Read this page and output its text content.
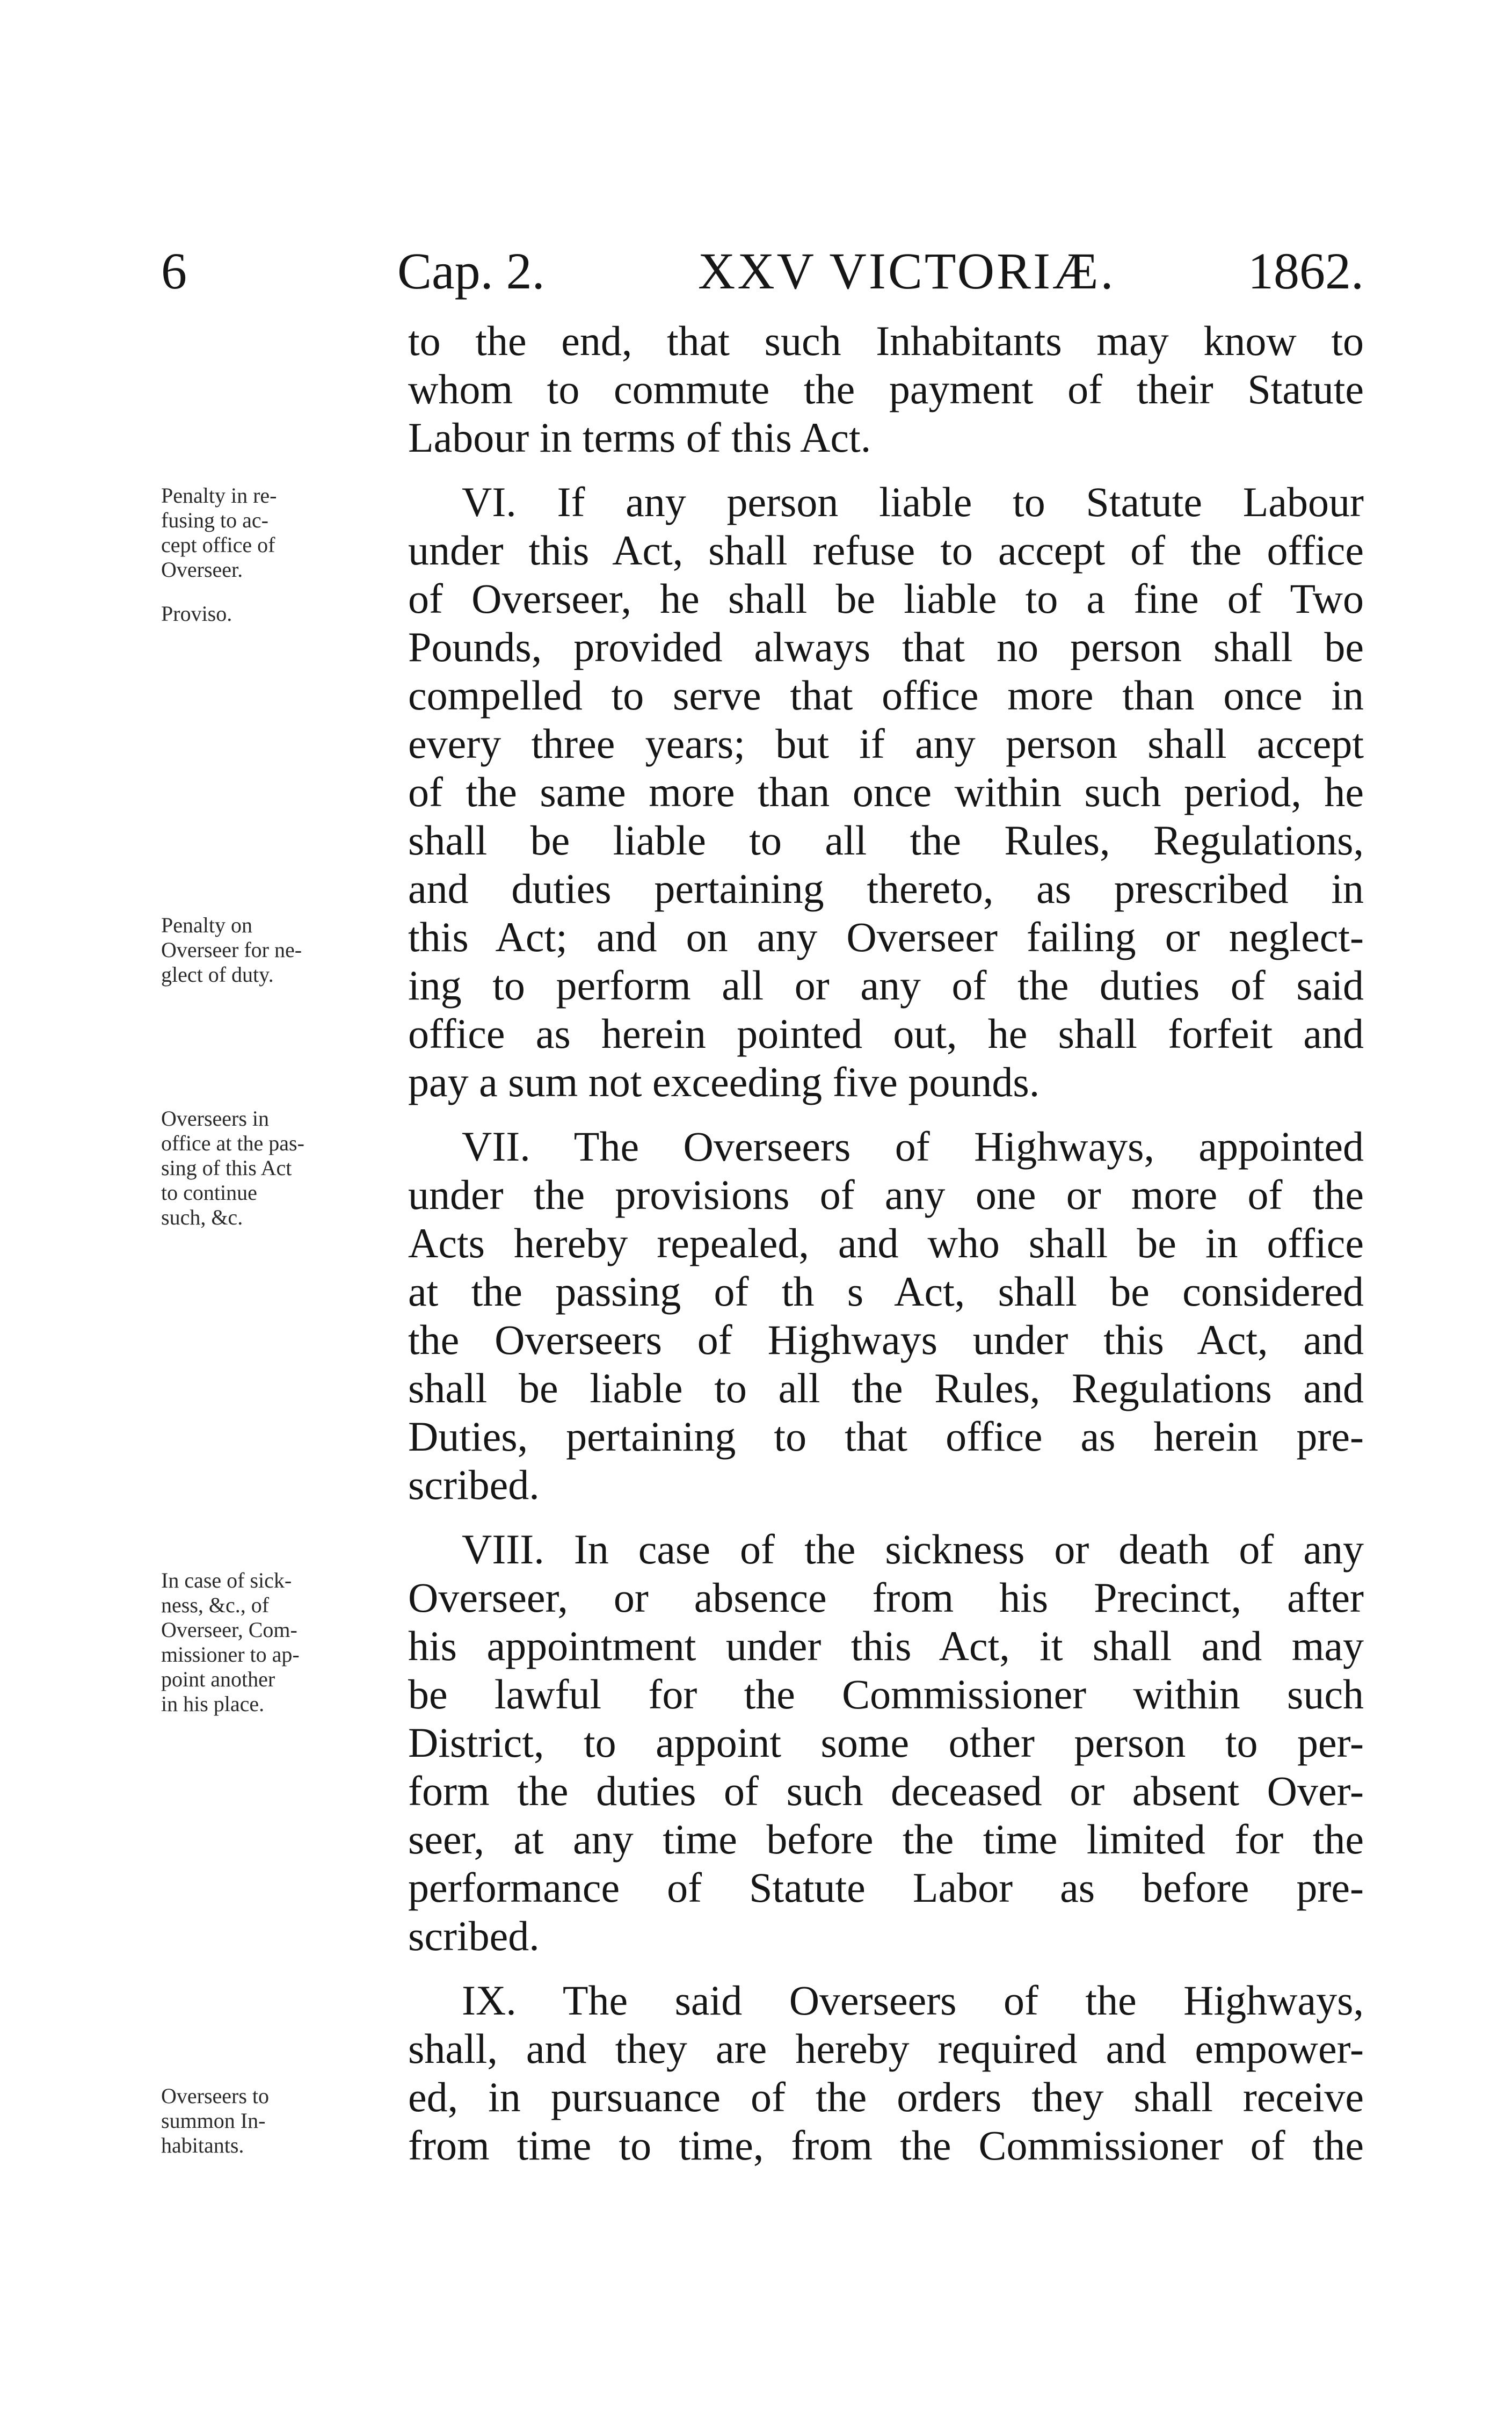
6	Cap. 2.	XXV VICTORIÆ.	1862.
Penalty in re-
fusing to ac-
cept office of
Overseer.
Proviso.
Penalty on
Overseer for ne-
glect of duty.
Overseers in
office at the pas-
sing of this Act
to continue
such, &c.
In case of sick-
ness, &c., of
Overseer, Com-
missioner to ap-
point another
in his place.
Overseers to
summon In-
habitants.
to the end, that such Inhabitants may know to
whom to commute the payment of their Statute
Labour in terms of this Act.
VI. If any person liable to Statute Labour
under this Act, shall refuse to accept of the office
of Overseer, he shall be liable to a fine of Two
Pounds, provided always that no person shall be
compelled to serve that office more than once in
every three years; but if any person shall accept
of the same more than once within such period, he
shall be liable to all the Rules, Regulations,
and duties pertaining thereto, as prescribed in
this Act; and on any Overseer failing or neglect-
ing to perform all or any of the duties of said
office as herein pointed out, he shall forfeit and
pay a sum not exceeding five pounds.
VII. The Overseers of Highways, appointed
under the provisions of any one or more of the
Acts hereby repealed, and who shall be in office
at the passing of th s Act, shall be considered
the Overseers of Highways under this Act, and
shall be liable to all the Rules, Regulations and
Duties, pertaining to that office as herein pre-
scribed.
VIII. In case of the sickness or death of any
Overseer, or absence from his Precinct, after
his appointment under this Act, it shall and may
be lawful for the Commissioner within such
District, to appoint some other person to per-
form the duties of such deceased or absent Over-
seer, at any time before the time limited for the
performance of Statute Labor as before pre-
scribed.
IX. The said Overseers of the Highways,
shall, and they are hereby required and empower-
ed, in pursuance of the orders they shall receive
from time to time, from the Commissioner of the
